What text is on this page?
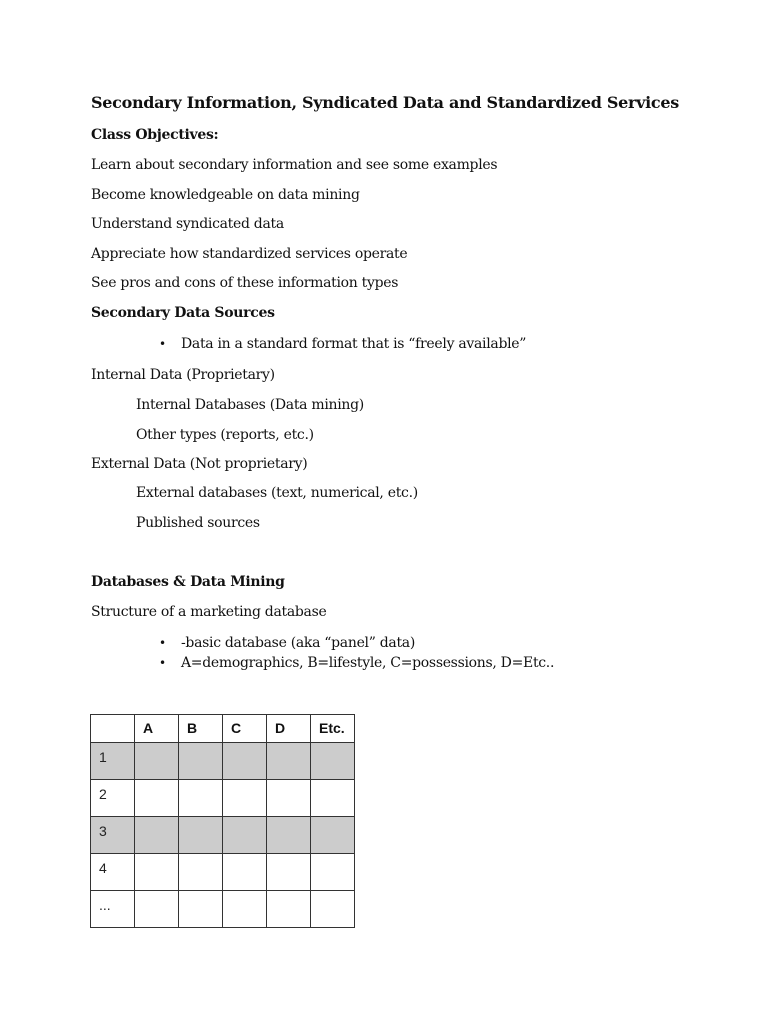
Secondary Information, Syndicated Data and Standardized Services
Class Objectives:
Learn about secondary information and see some examples
Become knowledgeable on data mining
Understand syndicated data
Appreciate how standardized services operate
See pros and cons of these information types
Secondary Data Sources
• Data in a standard format that is “freely available”
Internal Data (Proprietary)
Internal Databases (Data mining)
Other types (reports, etc.)
External Data (Not proprietary)
External databases (text, numerical, etc.)
Published sources
Databases & Data Mining
Structure of a marketing database
• -basic database (aka “panel” data)
• A=demographics, B=lifestyle, C=possessions, D=Etc..
	A	B	C	D	Etc.
1					
2					
3					
4					
...					
